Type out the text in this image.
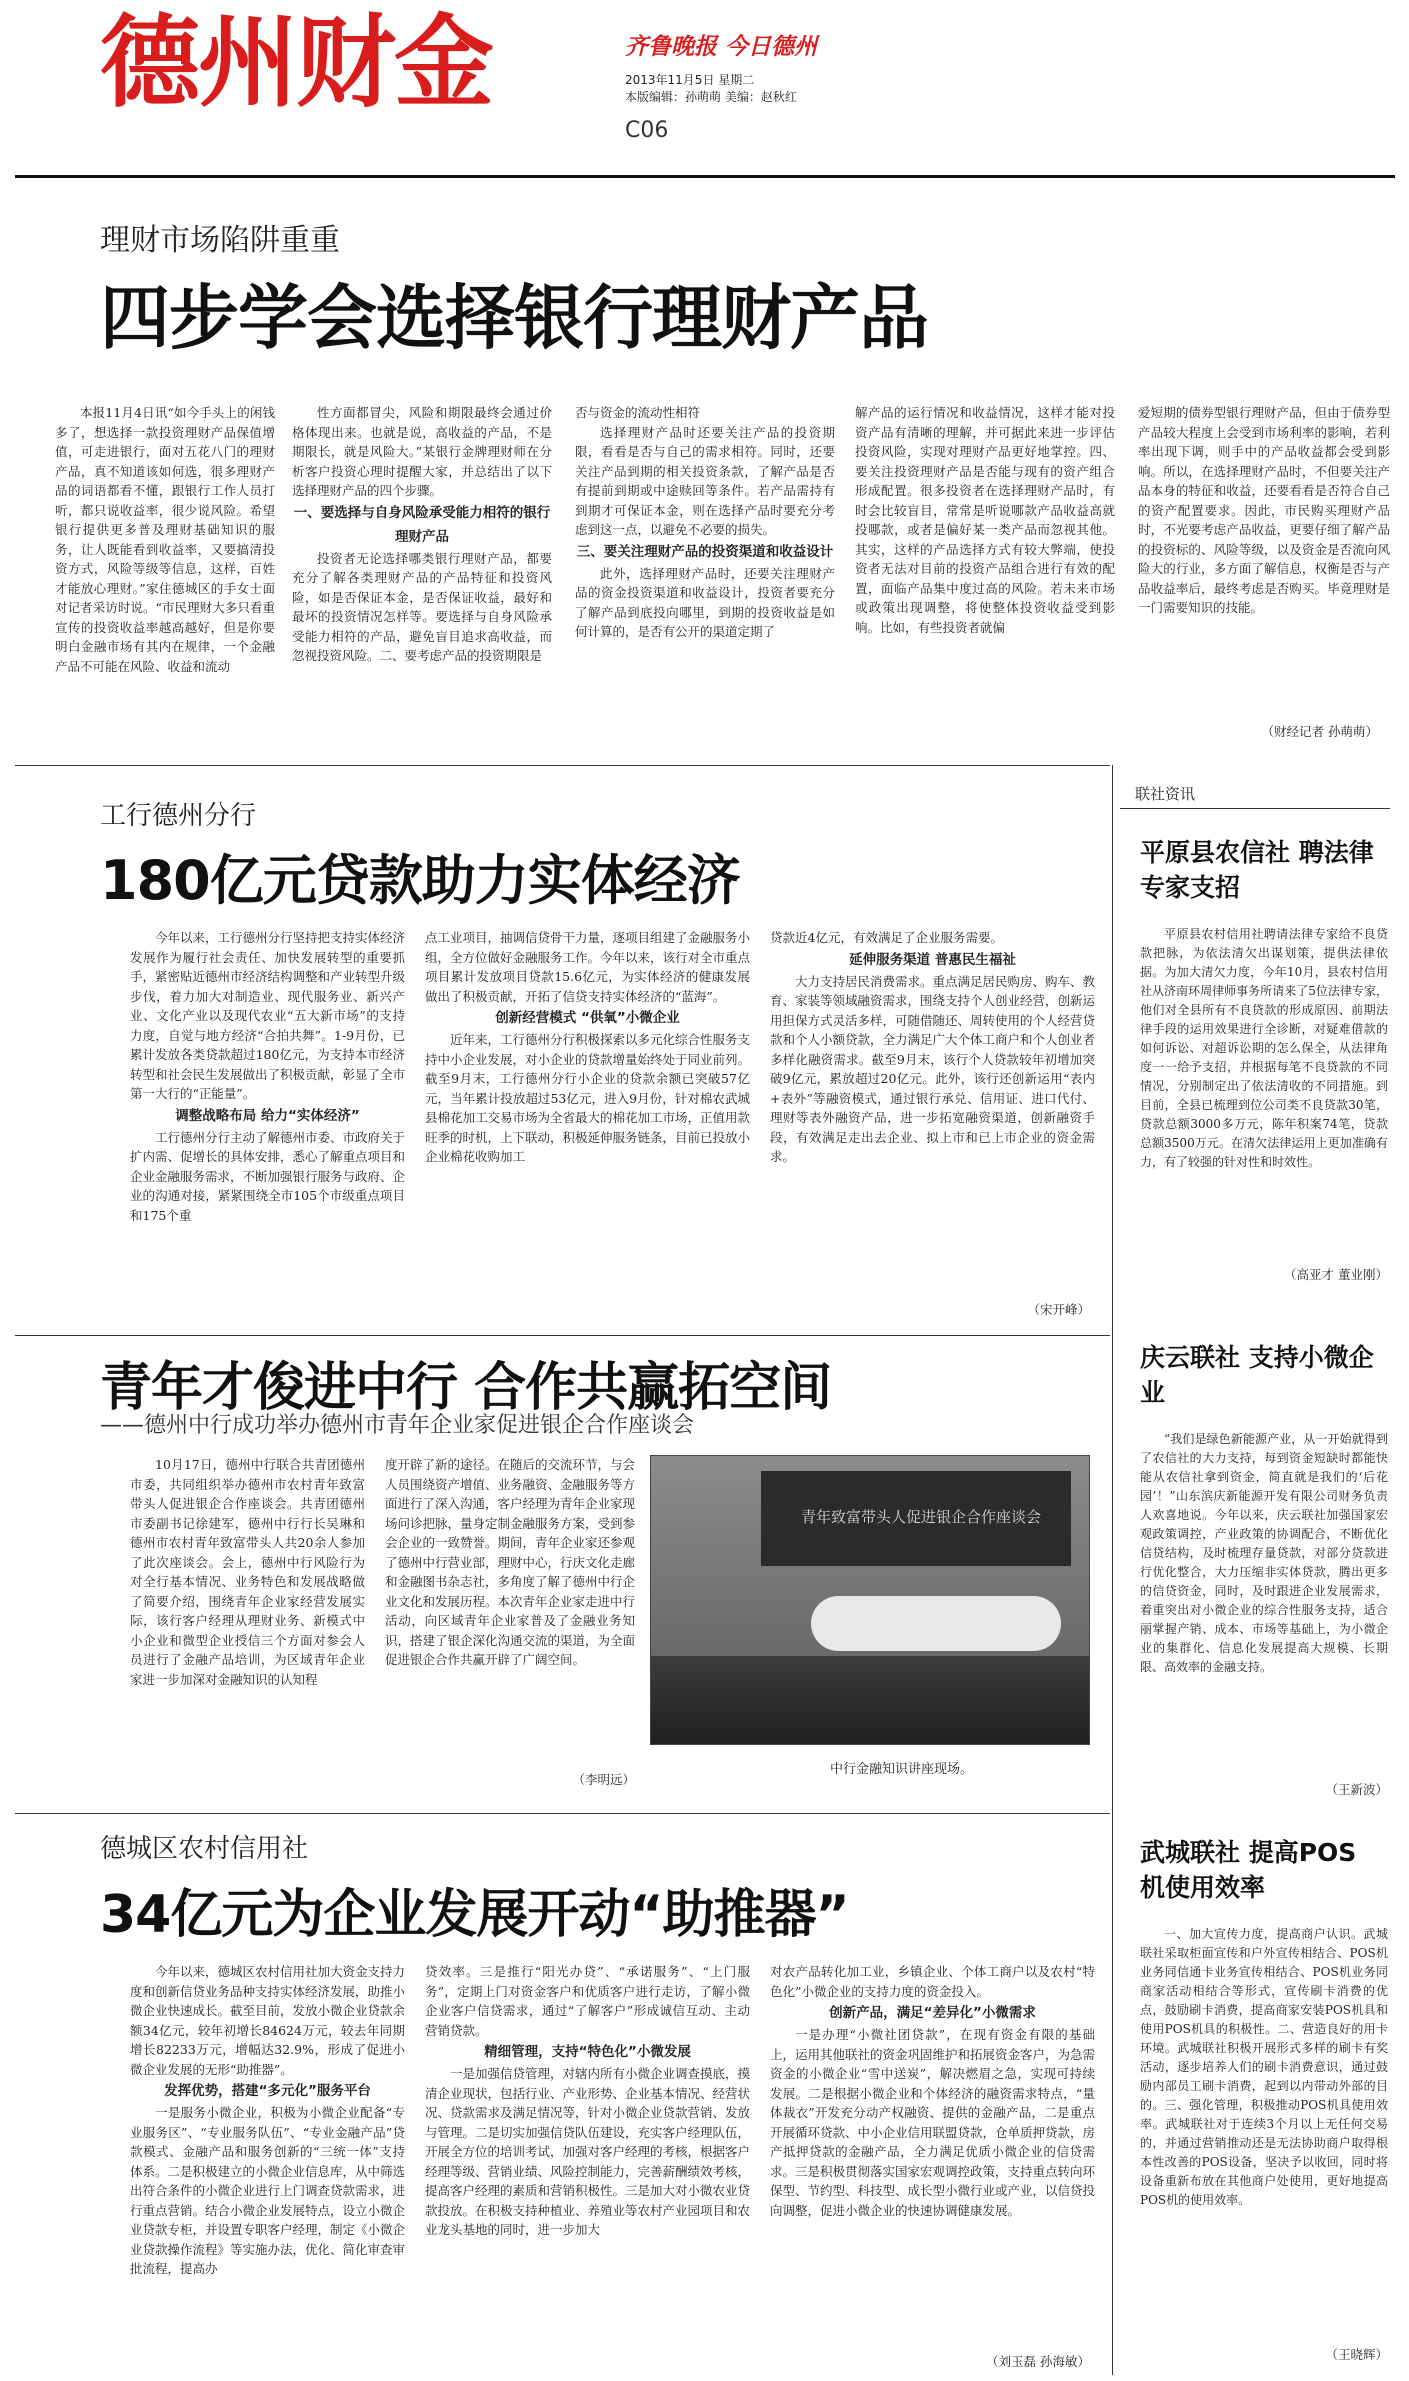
德州财金	齐鲁晚报 今日德州
2013年11月5日 星期二
本版编辑：孙萌萌 美编：赵秋红
C06
理财市场陷阱重重
四步学会选择银行理财产品

本报11月4日讯“如今手头上的闲钱多了，想选择一款投资理财产品保值增值，可走进银行，面对五花八门的理财产品，真不知道该如何选，很多理财产品的词语都看不懂，跟银行工作人员打听，都只说收益率，很少说风险。希望银行提供更多普及理财基础知识的服务，让人既能看到收益率，又要搞清投资方式，风险等级等信息，这样，百姓才能放心理财。”家住德城区的手女士面对记者采访时说。“市民理财大多只看重宣传的投资收益率越高越好，但是你要明白金融市场有其内在规律，一个金融产品不可能在风险、收益和流动

性方面都冒尖，风险和期限最终会通过价格体现出来。也就是说，高收益的产品，不是期限长，就是风险大。”某银行金牌理财师在分析客户投资心理时提醒大家，并总结出了以下选择理财产品的四个步骤。

一、要选择与自身风险承受能力相符的银行理财产品

投资者无论选择哪类银行理财产品，都要充分了解各类理财产品的产品特征和投资风险，如是否保证本金，是否保证收益，最好和最坏的投资情况怎样等。要选择与自身风险承受能力相符的产品，避免盲目追求高收益，而忽视投资风险。二、要考虑产品的投资期限是

否与资金的流动性相符

选择理财产品时还要关注产品的投资期限，看看是否与自己的需求相符。同时，还要关注产品到期的相关投资条款，了解产品是否有提前到期或中途赎回等条件。若产品需持有到期才可保证本金，则在选择产品时要充分考虑到这一点，以避免不必要的损失。

三、要关注理财产品的投资渠道和收益设计

此外，选择理财产品时，还要关注理财产品的资金投资渠道和收益设计，投资者要充分了解产品到底投向哪里，到期的投资收益是如何计算的，是否有公开的渠道定期了

解产品的运行情况和收益情况，这样才能对投资产品有清晰的理解，并可据此来进一步评估投资风险，实现对理财产品更好地掌控。四、要关注投资理财产品是否能与现有的资产组合形成配置。很多投资者在选择理财产品时，有时会比较盲目，常常是听说哪款产品收益高就投哪款，或者是偏好某一类产品而忽视其他。其实，这样的产品选择方式有较大弊端，使投资者无法对目前的投资产品组合进行有效的配置，面临产品集中度过高的风险。若未来市场或政策出现调整，将使整体投资收益受到影响。比如，有些投资者就偏

爱短期的债券型银行理财产品，但由于债券型产品较大程度上会受到市场利率的影响，若利率出现下调，则手中的产品收益都会受到影响。所以，在选择理财产品时，不但要关注产品本身的特征和收益，还要看看是否符合自己的资产配置要求。因此，市民购买理财产品时，不光要考虑产品收益，更要仔细了解产品的投资标的、风险等级，以及资金是否流向风险大的行业，多方面了解信息，权衡是否与产品收益率后，最终考虑是否购买。毕竟理财是一门需要知识的技能。

（财经记者 孙萌萌）
工行德州分行
180亿元贷款助力实体经济

今年以来，工行德州分行坚持把支持实体经济发展作为履行社会责任、加快发展转型的重要抓手，紧密贴近德州市经济结构调整和产业转型升级步伐，着力加大对制造业、现代服务业、新兴产业、文化产业以及现代农业“五大新市场”的支持力度，自觉与地方经济“合拍共舞”。1-9月份，已累计发放各类贷款超过180亿元，为支持本市经济转型和社会民生发展做出了积极贡献，彰显了全市第一大行的“正能量”。

调整战略布局 给力“实体经济”

工行德州分行主动了解德州市委、市政府关于扩内需、促增长的具体安排，悉心了解重点项目和企业金融服务需求，不断加强银行服务与政府、企业的沟通对接，紧紧围绕全市105个市级重点项目和175个重

点工业项目，抽调信贷骨干力量，逐项目组建了金融服务小组，全方位做好金融服务工作。今年以来，该行对全市重点项目累计发放项目贷款15.6亿元，为实体经济的健康发展做出了积极贡献，开拓了信贷支持实体经济的“蓝海”。

创新经营模式 “供氧”小微企业

近年来，工行德州分行积极探索以多元化综合性服务支持中小企业发展，对小企业的贷款增量始终处于同业前列。截至9月末，工行德州分行小企业的贷款余额已突破57亿元，当年累计投放超过53亿元，进入9月份，针对棉农武城县棉花加工交易市场为全省最大的棉花加工市场，正值用款旺季的时机，上下联动，积极延伸服务链条，目前已投放小企业棉花收购加工

贷款近4亿元，有效满足了企业服务需要。

延伸服务渠道 普惠民生福祉

大力支持居民消费需求。重点满足居民购房、购车、教育、家装等领域融资需求，围绕支持个人创业经营，创新运用担保方式灵活多样，可随借随还、周转使用的个人经营贷款和个人小额贷款，全力满足广大个体工商户和个人创业者多样化融资需求。截至9月末，该行个人贷款较年初增加突破9亿元，累放超过20亿元。此外，该行还创新运用“表内+表外”等融资模式，通过银行承兑、信用证、进口代付、理财等表外融资产品，进一步拓宽融资渠道，创新融资手段，有效满足走出去企业、拟上市和已上市企业的资金需求。

（宋开峰）
联社资讯
平原县农信社 聘法律专家支招

平原县农村信用社聘请法律专家给不良贷款把脉，为依法清欠出谋划策，提供法律依据。为加大清欠力度，今年10月，县农村信用社从济南环周律师事务所请来了5位法律专家，他们对全县所有不良贷款的形成原因、前期法律手段的运用效果进行全诊断，对疑难借款的如何诉讼、对超诉讼期的怎么保全，从法律角度一一给予支招，并根据每笔不良贷款的不同情况，分别制定出了依法清收的不同措施。到目前，全县已梳理到位公司类不良贷款30笔，贷款总额3000多万元，陈年积案74笔，贷款总额3500万元。在清欠法律运用上更加准确有力，有了较强的针对性和时效性。

（高亚才 董业刚）
庆云联社 支持小微企业

“我们是绿色新能源产业，从一开始就得到了农信社的大力支持，每到资金短缺时都能快能从农信社拿到资金，简直就是我们的‘后花园’！”山东滨庆新能源开发有限公司财务负责人欢喜地说。今年以来，庆云联社加强国家宏观政策调控，产业政策的协调配合，不断优化信贷结构，及时梳理存量贷款，对部分贷款进行优化整合，大力压缩非实体贷款，腾出更多的信贷资金，同时，及时跟进企业发展需求，着重突出对小微企业的综合性服务支持，适合丽掌握产销、成本、市场等基础上，为小微企业的集群化、信息化发展提高大规模、长期限、高效率的金融支持。

（王新波）
武城联社 提高POS机使用效率

一、加大宣传力度，提高商户认识。武城联社采取柜面宣传和户外宣传相结合、POS机业务同信通卡业务宣传相结合、POS机业务同商家活动相结合等形式，宣传刷卡消费的优点，鼓励刷卡消费，提高商家安装POS机具和使用POS机具的积极性。二、营造良好的用卡环境。武城联社积极开展形式多样的刷卡有奖活动，逐步培养人们的刷卡消费意识，通过鼓励内部员工刷卡消费，起到以内带动外部的目的。三、强化管理，积极推动POS机具使用效率。武城联社对于连续3个月以上无任何交易的，并通过营销推动还是无法协助商户取得根本性改善的POS设备，坚决予以收回，同时将设备重新布放在其他商户处使用，更好地提高POS机的使用效率。

（王晓辉）
青年才俊进中行 合作共赢拓空间
——德州中行成功举办德州市青年企业家促进银企合作座谈会

10月17日，德州中行联合共青团德州市委，共同组织举办德州市农村青年致富带头人促进银企合作座谈会。共青团德州市委副书记徐建军，德州中行行长吴琳和德州市农村青年致富带头人共20余人参加了此次座谈会。会上，德州中行风险行为对全行基本情况、业务特色和发展战略做了简要介绍，围绕青年企业家经营发展实际，该行客户经理从理财业务、新模式中小企业和微型企业授信三个方面对参会人员进行了金融产品培训，为区域青年企业家进一步加深对金融知识的认知程

度开辟了新的途径。在随后的交流环节，与会人员围绕资产增值、业务融资、金融服务等方面进行了深入沟通，客户经理为青年企业家现场问诊把脉，量身定制金融服务方案，受到参会企业的一致赞誉。期间，青年企业家还参观了德州中行营业部，理财中心，行庆文化走廊和金融图书杂志社，多角度了解了德州中行企业文化和发展历程。本次青年企业家走进中行活动，向区域青年企业家普及了金融业务知识，搭建了银企深化沟通交流的渠道，为全面促进银企合作共赢开辟了广阔空间。

（李明远）
青年致富带头人促进银企合作座谈会
中行金融知识讲座现场。
德城区农村信用社
34亿元为企业发展开动“助推器”

今年以来，德城区农村信用社加大资金支持力度和创新信贷业务品种支持实体经济发展，助推小微企业快速成长。截至目前，发放小微企业贷款余额34亿元，较年初增长84624万元，较去年同期增长82233万元，增幅达32.9%，形成了促进小微企业发展的无形“助推器”。

发挥优势，搭建“多元化”服务平台

一是服务小微企业，积极为小微企业配备“专业服务区”、“专业服务队伍”、“专业金融产品”贷款模式、金融产品和服务创新的“三统一体”支持体系。二是积极建立的小微企业信息库，从中筛选出符合条件的小微企业进行上门调查贷款需求，进行重点营销。结合小微企业发展特点，设立小微企业贷款专柜，并设置专职客户经理，制定《小微企业贷款操作流程》等实施办法，优化、简化审查审批流程，提高办

贷效率。三是推行“阳光办贷”、“承诺服务”、“上门服务”，定期上门对资金客户和优质客户进行走访，了解小微企业客户信贷需求，通过“了解客户”形成诚信互动、主动营销贷款。

精细管理，支持“特色化”小微发展

一是加强信贷管理，对辖内所有小微企业调查摸底，摸清企业现状，包括行业、产业形势、企业基本情况、经营状况、贷款需求及满足情况等，针对小微企业贷款营销、发放与管理。二是切实加强信贷队伍建设，充实客户经理队伍，开展全方位的培训考试，加强对客户经理的考核，根据客户经理等级、营销业绩、风险控制能力，完善薪酬绩效考核，提高客户经理的素质和营销积极性。三是加大对小微农业贷款投放。在积极支持种植业、养殖业等农村产业园项目和农业龙头基地的同时，进一步加大

对农产品转化加工业，乡镇企业、个体工商户以及农村“特色化”小微企业的支持力度的资金投入。

创新产品，满足“差异化”小微需求

一是办理“小微社团贷款”，在现有资金有限的基础上，运用其他联社的资金巩固维护和拓展资金客户，为急需资金的小微企业“雪中送炭”，解决燃眉之急，实现可持续发展。二是根据小微企业和个体经济的融资需求特点，“量体裁衣”开发充分动产权融资、提供的金融产品，二是重点开展循环贷款、中小企业信用联盟贷款，仓单质押贷款，房产抵押贷款的金融产品，全力满足优质小微企业的信贷需求。三是积极贯彻落实国家宏观调控政策，支持重点转向环保型、节约型、科技型、成长型小微行业或产业，以信贷投向调整，促进小微企业的快速协调健康发展。

（刘玉磊 孙海敏）
